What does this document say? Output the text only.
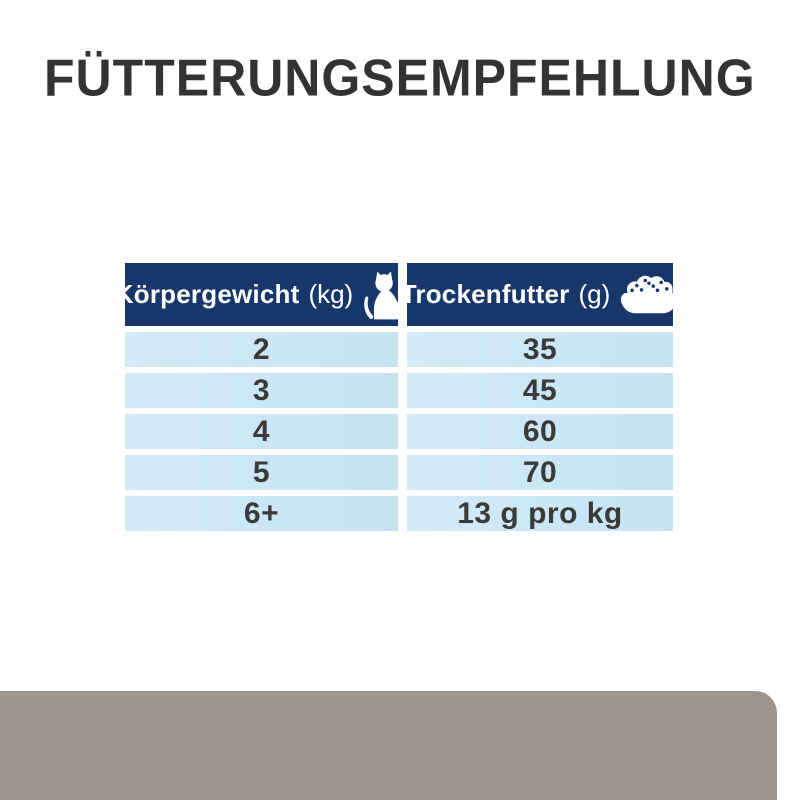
FÜTTERUNGSEMPFEHLUNG
Körpergewicht (kg) Trockenfutter (g)
2	35
3	45
4	60
5	70
6+	13 g pro kg
